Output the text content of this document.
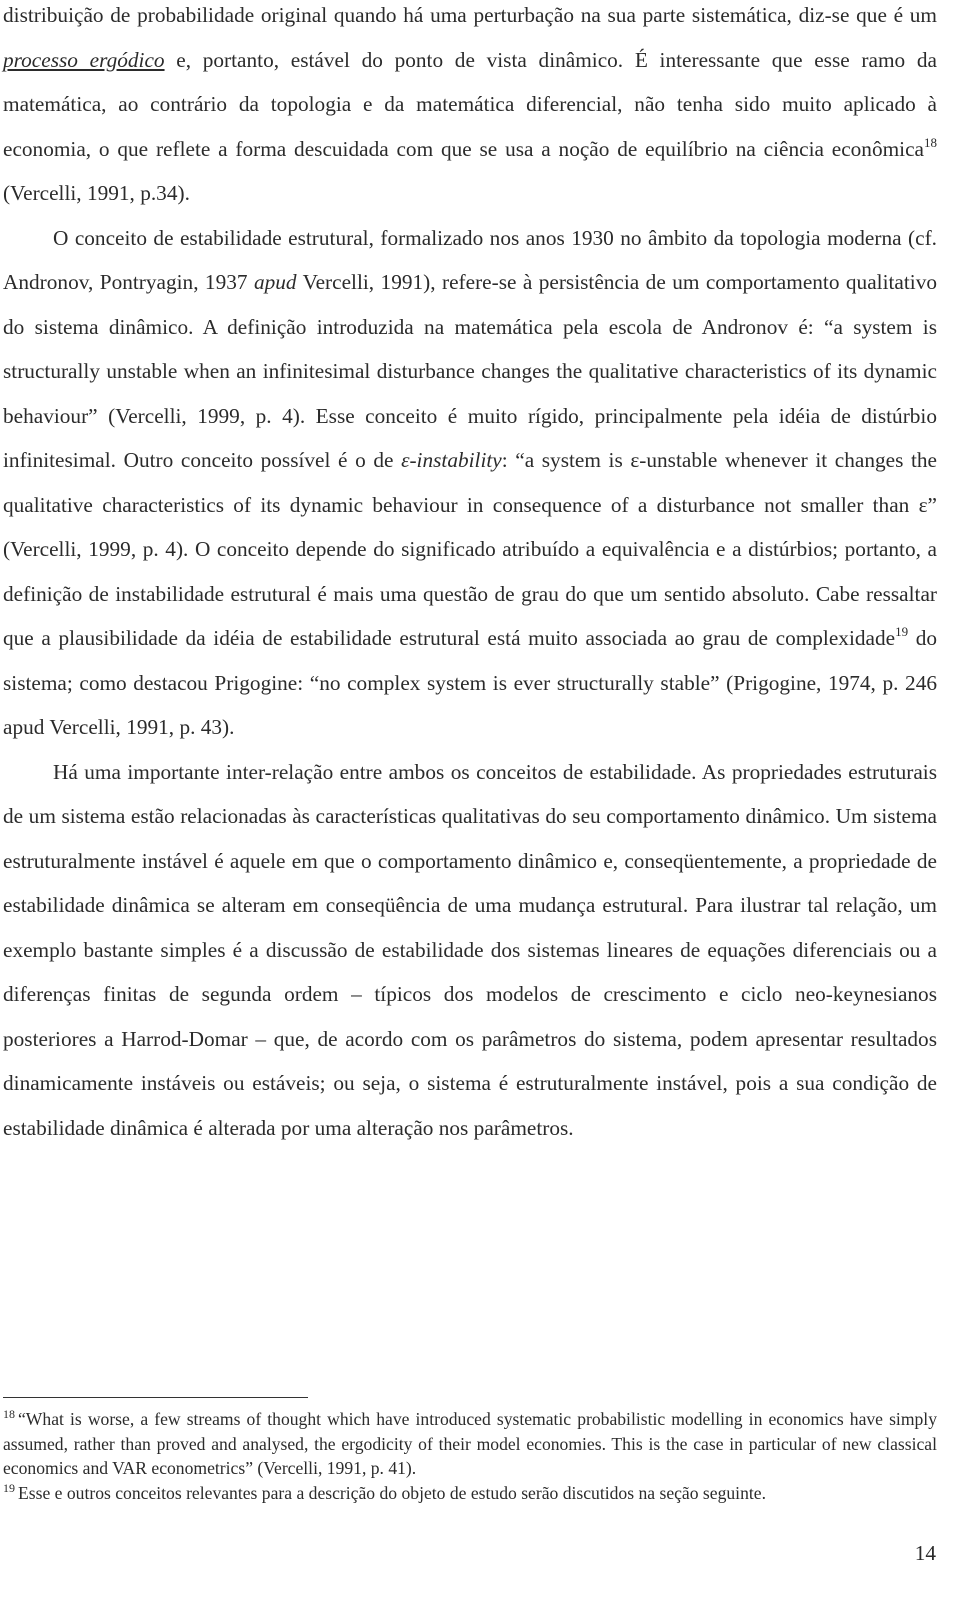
distribuição de probabilidade original quando há uma perturbação na sua parte sistemática, diz-se que é um processo ergódico e, portanto, estável do ponto de vista dinâmico. É interessante que esse ramo da matemática, ao contrário da topologia e da matemática diferencial, não tenha sido muito aplicado à economia, o que reflete a forma descuidada com que se usa a noção de equilíbrio na ciência econômica$^{18}$ (Vercelli, 1991, p.34).

O conceito de estabilidade estrutural, formalizado nos anos 1930 no âmbito da topologia moderna (cf. Andronov, Pontryagin, 1937 apud Vercelli, 1991), refere-se à persistência de um comportamento qualitativo do sistema dinâmico. A definição introduzida na matemática pela escola de Andronov é: “a system is structurally unstable when an infinitesimal disturbance changes the qualitative characteristics of its dynamic behaviour” (Vercelli, 1999, p. 4). Esse conceito é muito rígido, principalmente pela idéia de distúrbio infinitesimal. Outro conceito possível é o de ε-instability: “a system is ε-unstable whenever it changes the qualitative characteristics of its dynamic behaviour in consequence of a disturbance not smaller than ε” (Vercelli, 1999, p. 4). O conceito depende do significado atribuído a equivalência e a distúrbios; portanto, a definição de instabilidade estrutural é mais uma questão de grau do que um sentido absoluto. Cabe ressaltar que a plausibilidade da idéia de estabilidade estrutural está muito associada ao grau de complexidade$^{19}$ do sistema; como destacou Prigogine: “no complex system is ever structurally stable” (Prigogine, 1974, p. 246 apud Vercelli, 1991, p. 43).

Há uma importante inter-relação entre ambos os conceitos de estabilidade. As propriedades estruturais de um sistema estão relacionadas às características qualitativas do seu comportamento dinâmico. Um sistema estruturalmente instável é aquele em que o comportamento dinâmico e, conseqüentemente, a propriedade de estabilidade dinâmica se alteram em conseqüência de uma mudança estrutural. Para ilustrar tal relação, um exemplo bastante simples é a discussão de estabilidade dos sistemas lineares de equações diferenciais ou a diferenças finitas de segunda ordem – típicos dos modelos de crescimento e ciclo neo-keynesianos posteriores a Harrod-Domar – que, de acordo com os parâmetros do sistema, podem apresentar resultados dinamicamente instáveis ou estáveis; ou seja, o sistema é estruturalmente instável, pois a sua condição de estabilidade dinâmica é alterada por uma alteração nos parâmetros.

$^{18}$ “What is worse, a few streams of thought which have introduced systematic probabilistic modelling in economics have simply assumed, rather than proved and analysed, the ergodicity of their model economies. This is the case in particular of new classical economics and VAR econometrics” (Vercelli, 1991, p. 41).

$^{19}$ Esse e outros conceitos relevantes para a descrição do objeto de estudo serão discutidos na seção seguinte.

14
